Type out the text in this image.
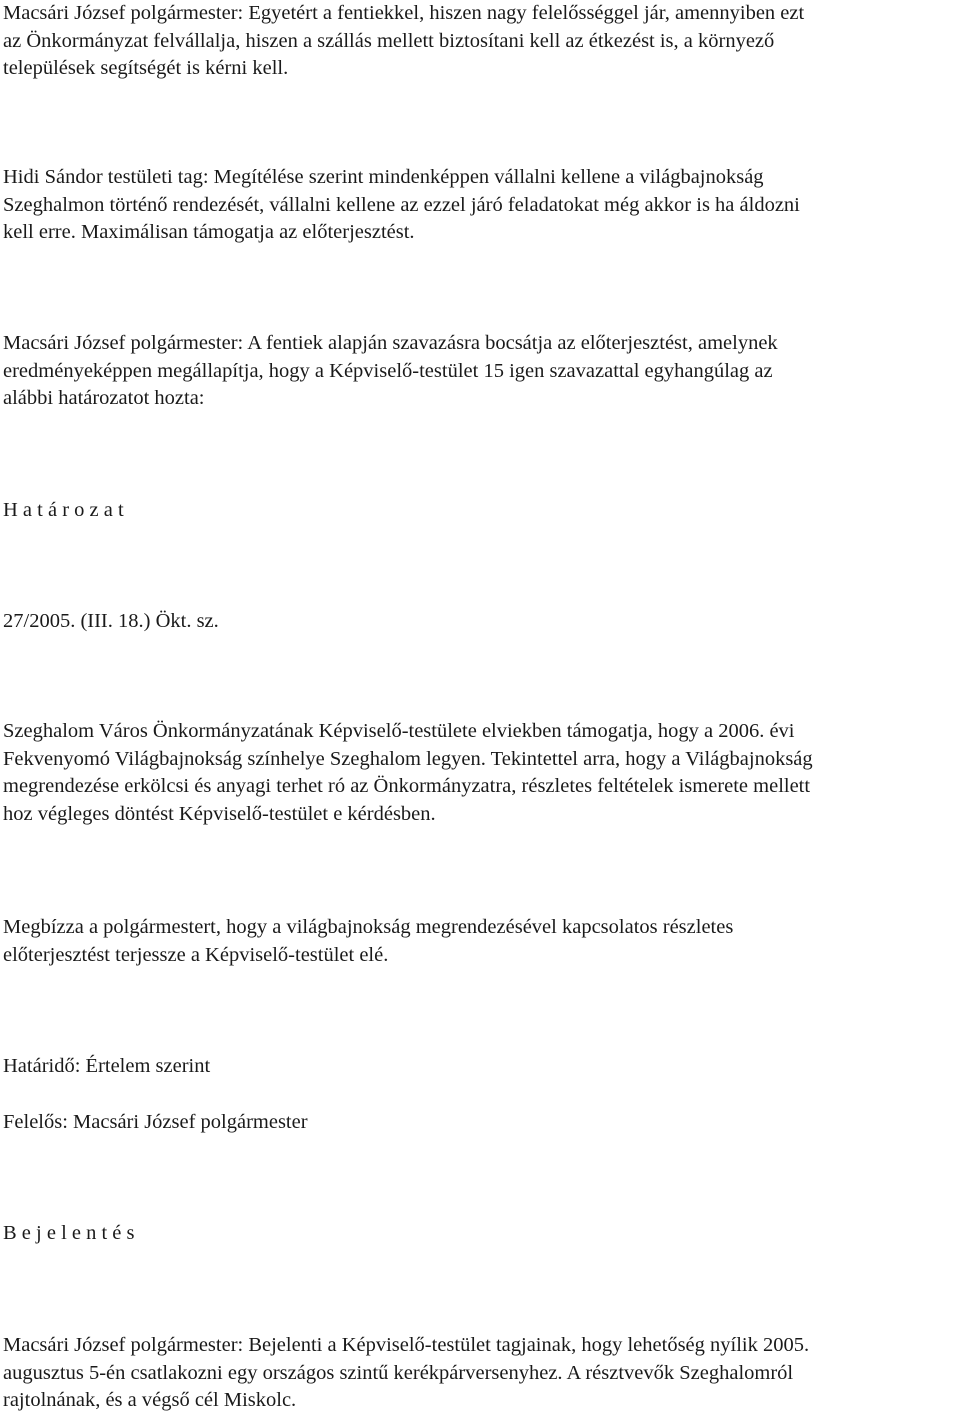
Macsári József polgármester: Egyetért a fentiekkel, hiszen nagy felelősséggel jár, amennyiben ezt
az Önkormányzat felvállalja, hiszen a szállás mellett biztosítani kell az étkezést is, a környező
települések segítségét is kérni kell.
Hidi Sándor testületi tag: Megítélése szerint mindenképpen vállalni kellene a világbajnokság
Szeghalmon történő rendezését, vállalni kellene az ezzel járó feladatokat még akkor is ha áldozni
kell erre. Maximálisan támogatja az előterjesztést.
Macsári József polgármester: A fentiek alapján szavazásra bocsátja az előterjesztést, amelynek
eredményeképpen megállapítja, hogy a Képviselő-testület 15 igen szavazattal egyhangúlag az
alábbi határozatot hozta:
H a t á r o z a t
27/2005. (III. 18.) Ökt. sz.
Szeghalom Város Önkormányzatának Képviselő-testülete elviekben támogatja, hogy a 2006. évi
Fekvenyomó Világbajnokság színhelye Szeghalom legyen. Tekintettel arra, hogy a Világbajnokság
megrendezése erkölcsi és anyagi terhet ró az Önkormányzatra, részletes feltételek ismerete mellett
hoz végleges döntést Képviselő-testület e kérdésben.
Megbízza a polgármestert, hogy a világbajnokság megrendezésével kapcsolatos részletes
előterjesztést terjessze a Képviselő-testület elé.
Határidő: Értelem szerint
Felelős: Macsári József polgármester
B e j e l e n t é s
Macsári József polgármester: Bejelenti a Képviselő-testület tagjainak, hogy lehetőség nyílik 2005.
augusztus 5-én csatlakozni egy országos szintű kerékpárversenyhez. A résztvevők Szeghalomról
rajtolnának, és a végső cél Miskolc.
